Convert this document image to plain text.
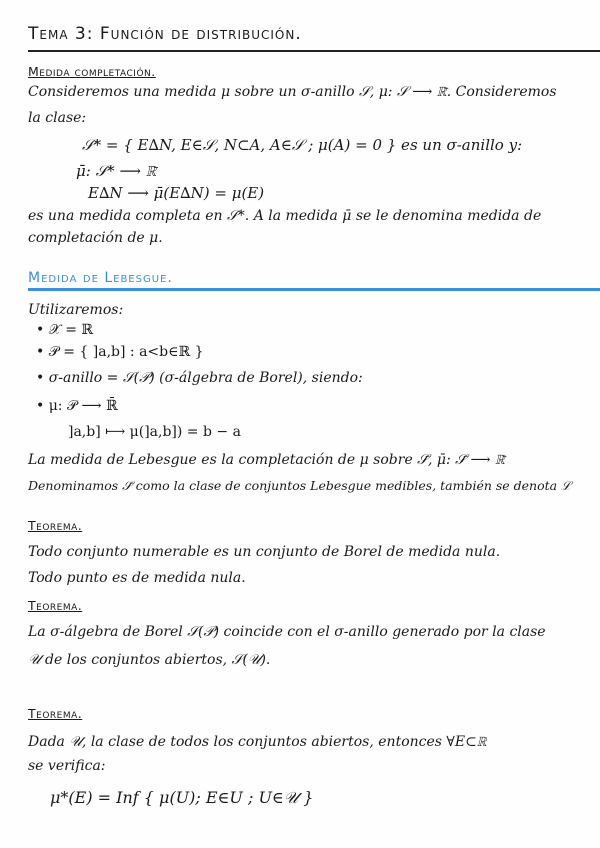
Tema 3: Función de distribución.
Medida completación.
Consideremos una medida μ sobre un σ-anillo 𝒮, μ: 𝒮 ⟶ ℝ̄. Consideremos
la clase:
𝒮* = { E∆N, E∈𝒮, N⊂A, A∈𝒮 ; μ(A) = 0 } es un σ-anillo y:
μ̄: 𝒮* ⟶ ℝ̄
E∆N ⟶ μ̄(E∆N) = μ(E)
es una medida completa en 𝒮*. A la medida μ̄ se le denomina medida de
completación de μ.
Medida de Lebesgue.
Utilizaremos:
• 𝒳 = ℝ
• 𝒫 = { ]a,b] : a<b∈ℝ }
• σ-anillo = 𝒮(𝒫) (σ-álgebra de Borel), siendo:
• μ: 𝒫 ⟶ ℝ̄
]a,b] ⟼ μ(]a,b]) = b − a
La medida de Lebesgue es la completación de μ sobre 𝒮̄, μ̄: 𝒮̄ ⟶ ℝ̄
Denominamos 𝒮̄ como la clase de conjuntos Lebesgue medibles, también se denota ℒ
Teorema.
Todo conjunto numerable es un conjunto de Borel de medida nula.
Todo punto es de medida nula.
Teorema.
La σ-álgebra de Borel 𝒮(𝒫) coincide con el σ-anillo generado por la clase
𝒰 de los conjuntos abiertos, 𝒮(𝒰).
Teorema.
Dada 𝒰, la clase de todos los conjuntos abiertos, entonces ∀E⊂ℝ
se verifica:
μ*(E) = Inf { μ(U); E∈U ; U∈𝒰 }
